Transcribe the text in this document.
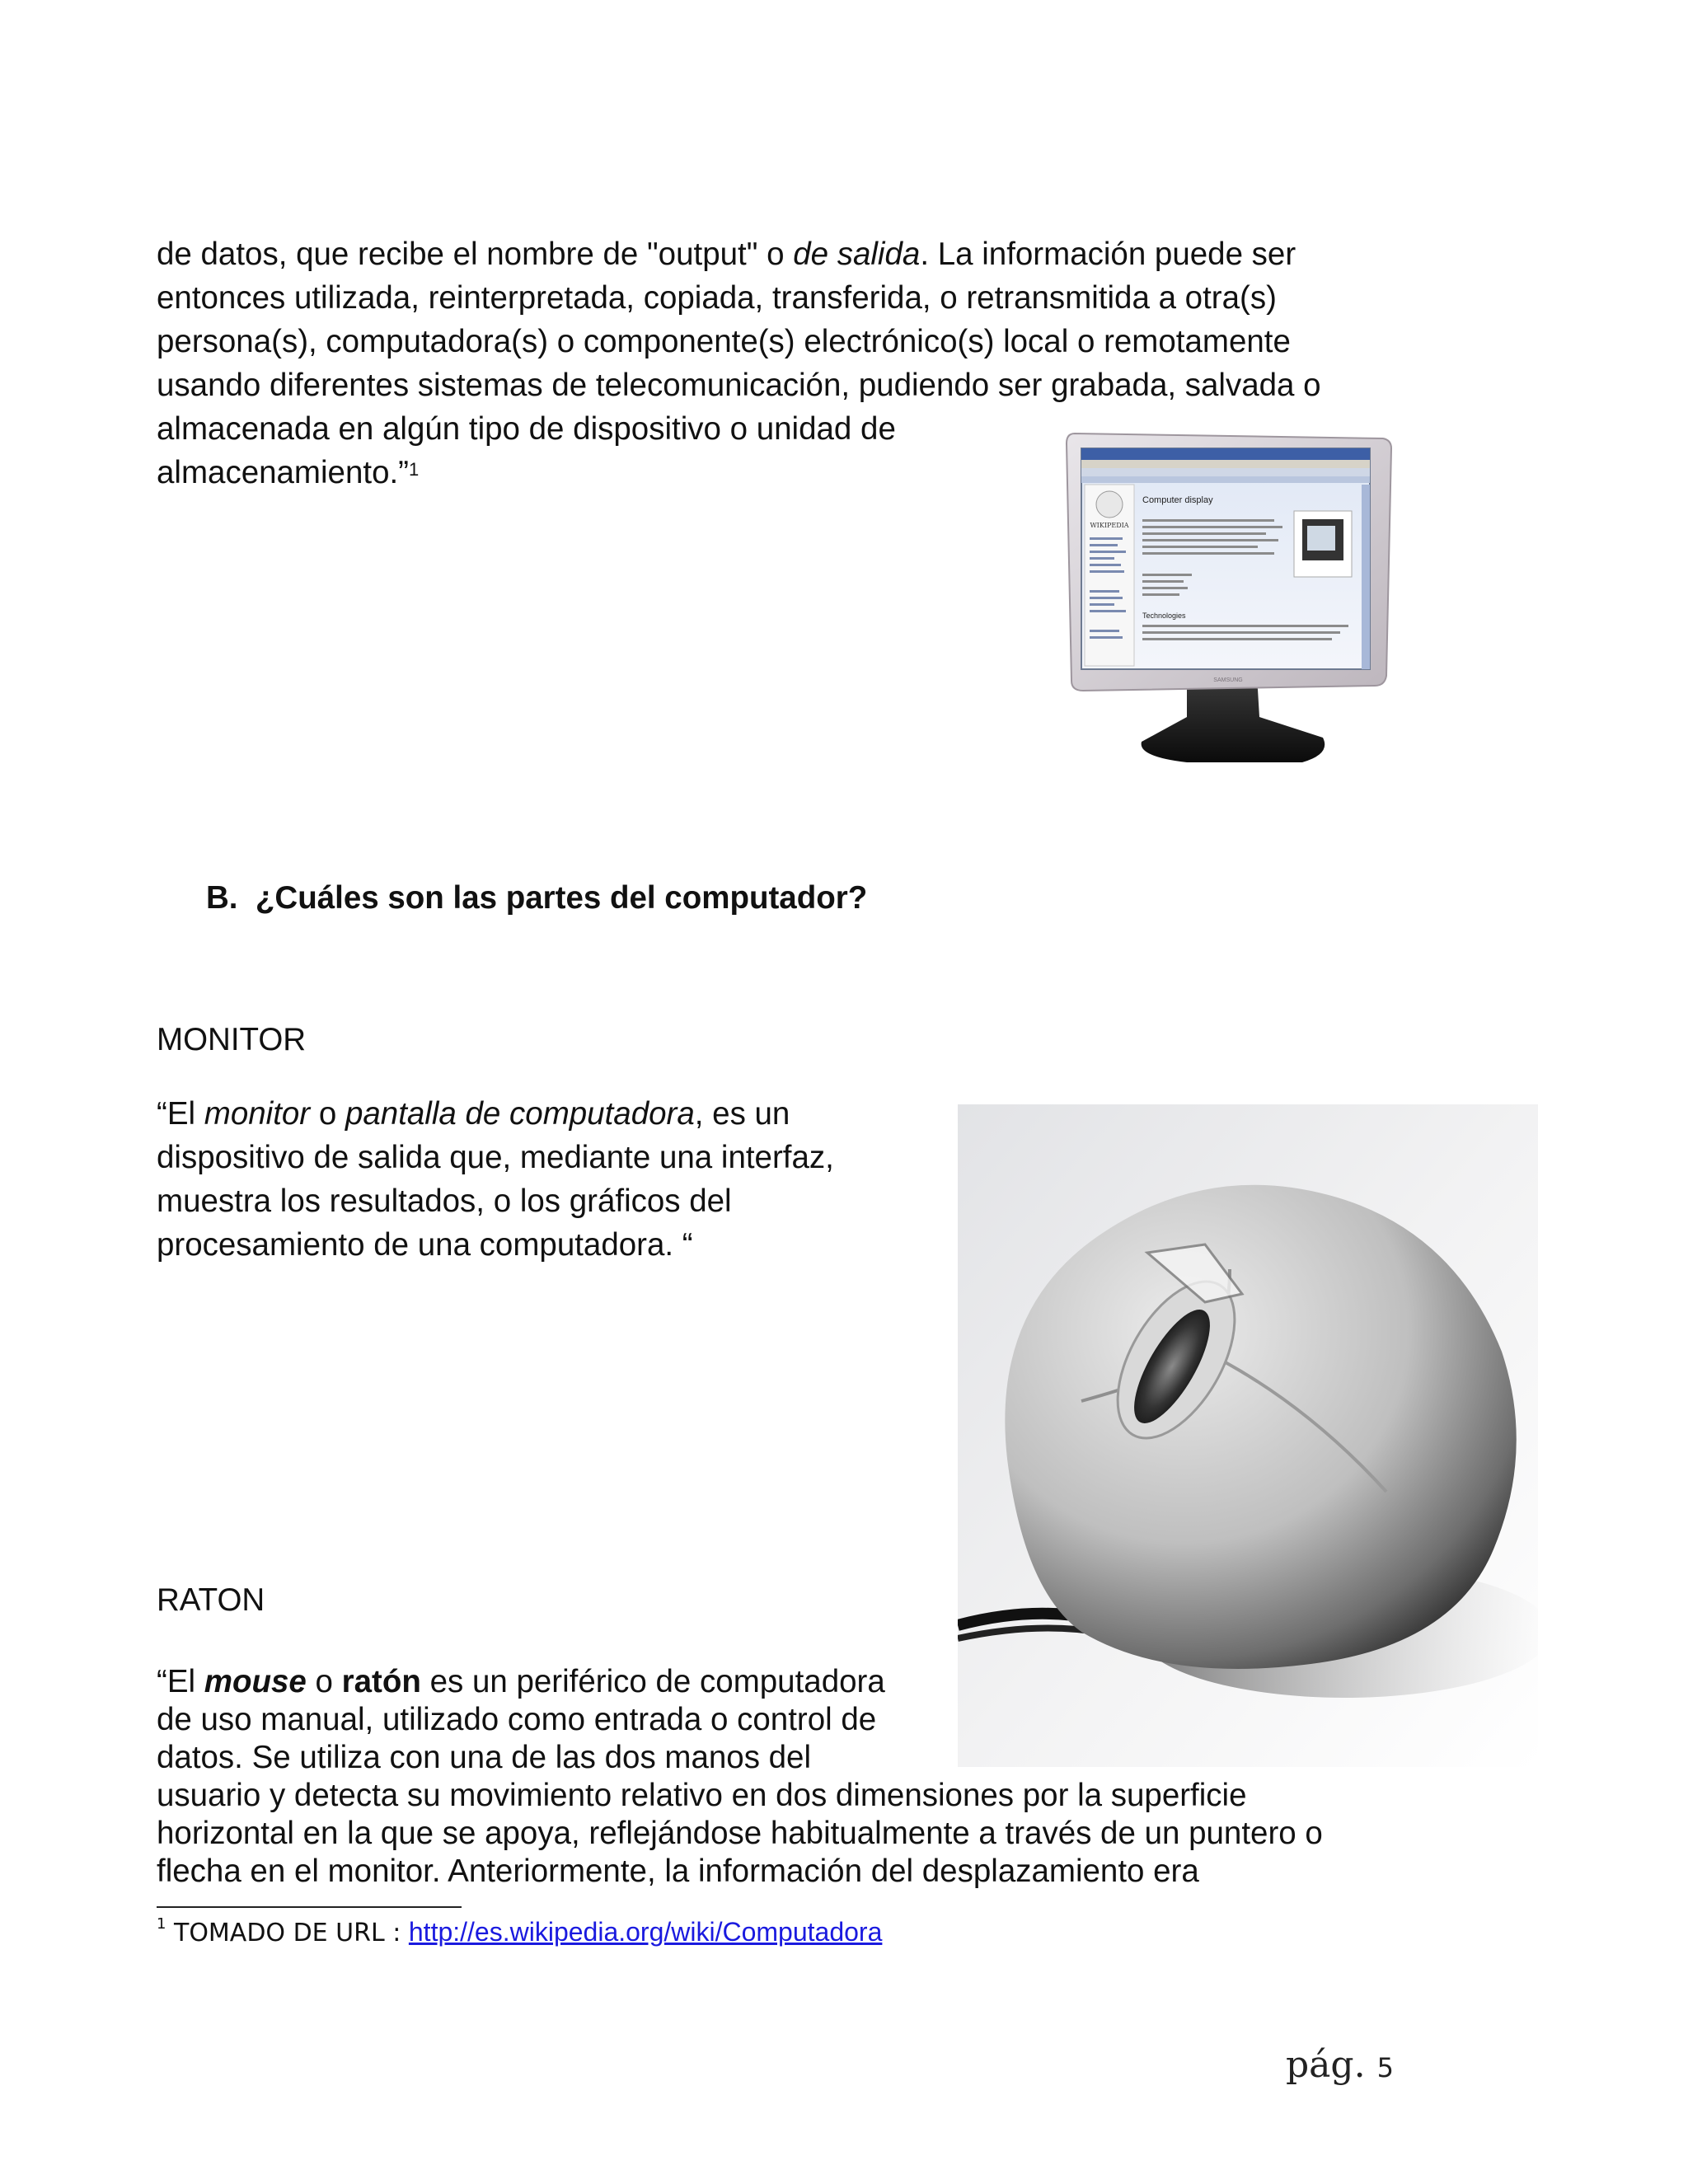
de datos, que recibe el nombre de "output" o de salida. La información puede ser
entonces utilizada, reinterpretada, copiada, transferida, o retransmitida a otra(s)
persona(s), computadora(s) o componente(s) electrónico(s) local o remotamente
usando diferentes sistemas de telecomunicación, pudiendo ser grabada, salvada o
almacenada en algún tipo de dispositivo o unidad de
almacenamiento.”$^1$
WIKIPEDIA
Computer display
Technologies
SAMSUNG
B.  ¿Cuáles son las partes del computador?
MONITOR
“El monitor o pantalla de computadora, es un
dispositivo de salida que, mediante una interfaz,
muestra los resultados, o los gráficos del
procesamiento de una computadora. “
RATON
“El mouse o ratón es un periférico de computadora
de uso manual, utilizado como entrada o control de
datos. Se utiliza con una de las dos manos del
usuario y detecta su movimiento relativo en dos dimensiones por la superficie
horizontal en la que se apoya, reflejándose habitualmente a través de un puntero o
flecha en el monitor. Anteriormente, la información del desplazamiento era
$^1$ TOMADO DE URL : http://es.wikipedia.org/wiki/Computadora
pág. 5
